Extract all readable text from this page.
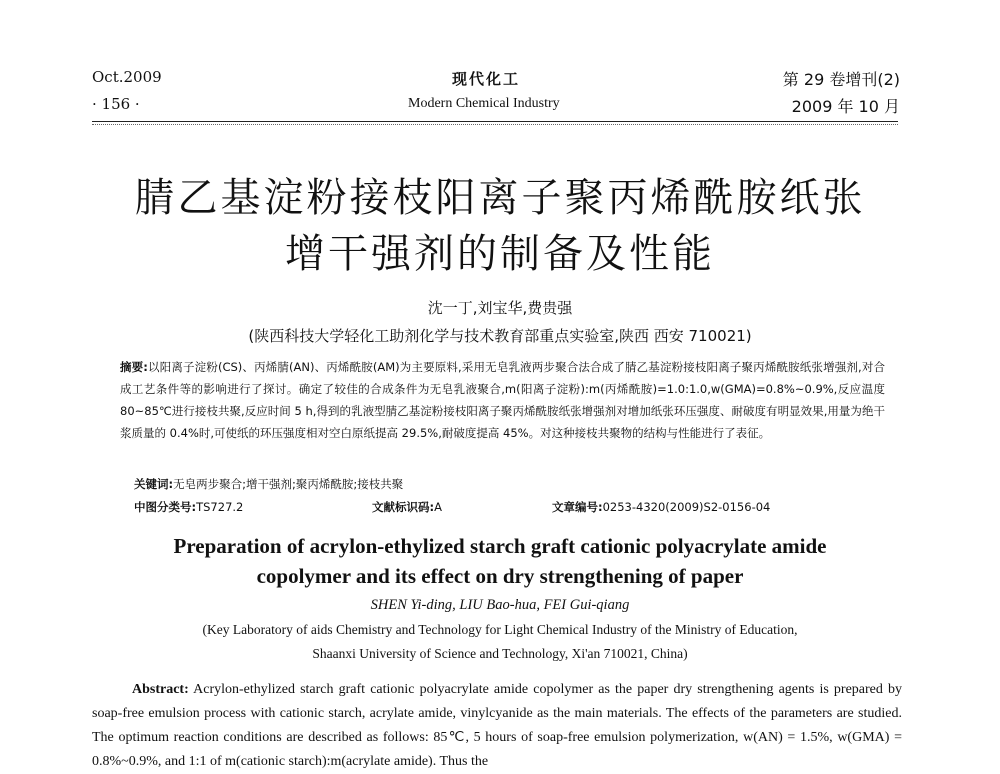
Oct.2009
· 156 ·
现代化工
Modern Chemical Industry
第 29 卷增刊(2)
2009 年 10 月
腈乙基淀粉接枝阳离子聚丙烯酰胺纸张
增干强剂的制备及性能
沈一丁,刘宝华,费贵强
(陕西科技大学轻化工助剂化学与技术教育部重点实验室,陕西 西安 710021)
摘要:以阳离子淀粉(CS)、丙烯腈(AN)、丙烯酰胺(AM)为主要原料,采用无皂乳液两步聚合法合成了腈乙基淀粉接枝阳离子聚丙烯酰胺纸张增强剂,对合成工艺条件等的影响进行了探讨。确定了较佳的合成条件为无皂乳液聚合,m(阳离子淀粉):m(丙烯酰胺)=1.0:1.0,w(GMA)=0.8%~0.9%,反应温度 80~85℃进行接枝共聚,反应时间 5 h,得到的乳液型腈乙基淀粉接枝阳离子聚丙烯酰胺纸张增强剂对增加纸张环压强度、耐破度有明显效果,用量为绝干浆质量的 0.4%时,可使纸的环压强度相对空白原纸提高 29.5%,耐破度提高 45%。对这种接枝共聚物的结构与性能进行了表征。
关键词:无皂两步聚合;增干强剂;聚丙烯酰胺;接枝共聚
中图分类号:TS727.2	文献标识码:A	文章编号:0253-4320(2009)S2-0156-04
Preparation of acrylon-ethylized starch graft cationic polyacrylate amide
copolymer and its effect on dry strengthening of paper
SHEN Yi-ding, LIU Bao-hua, FEI Gui-qiang
(Key Laboratory of aids Chemistry and Technology for Light Chemical Industry of the Ministry of Education,
Shaanxi University of Science and Technology, Xi'an 710021, China)
Abstract: Acrylon-ethylized starch graft cationic polyacrylate amide copolymer as the paper dry strengthening agents is prepared by soap-free emulsion process with cationic starch, acrylate amide, vinylcyanide as the main materials. The effects of the parameters are studied. The optimum reaction conditions are described as follows: 85℃, 5 hours of soap-free emulsion polymerization, w(AN) = 1.5%, w(GMA) = 0.8%~0.9%, and 1:1 of m(cationic starch):m(acrylate amide). Thus the
